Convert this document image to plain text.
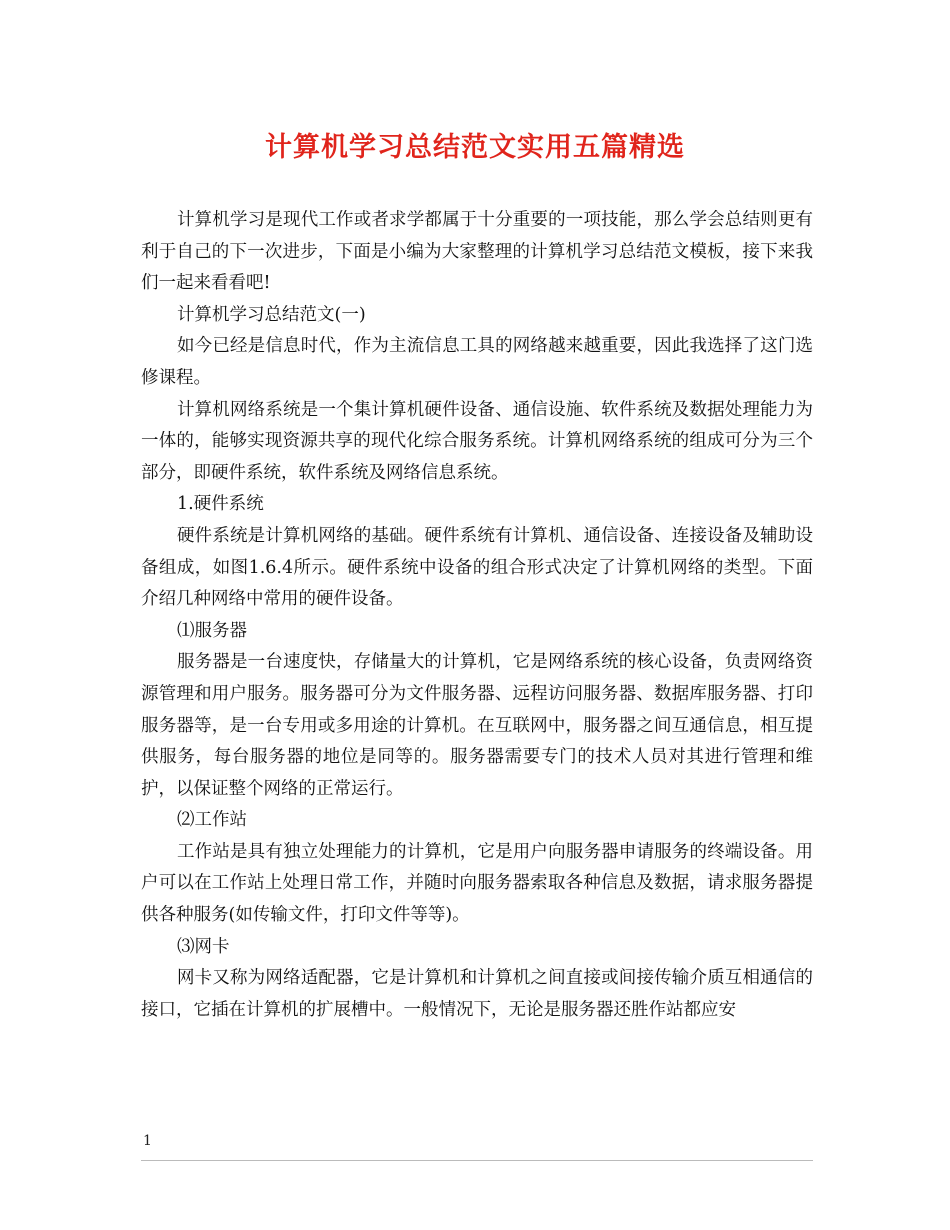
计算机学习总结范文实用五篇精选

计算机学习是现代工作或者求学都属于十分重要的一项技能，那么学会总结则更有利于自己的下一次进步，下面是小编为大家整理的计算机学习总结范文模板，接下来我们一起来看看吧!

计算机学习总结范文(一)

如今已经是信息时代，作为主流信息工具的网络越来越重要，因此我选择了这门选修课程。

计算机网络系统是一个集计算机硬件设备、通信设施、软件系统及数据处理能力为一体的，能够实现资源共享的现代化综合服务系统。计算机网络系统的组成可分为三个部分，即硬件系统，软件系统及网络信息系统。

1.硬件系统

硬件系统是计算机网络的基础。硬件系统有计算机、通信设备、连接设备及辅助设备组成，如图1.6.4所示。硬件系统中设备的组合形式决定了计算机网络的类型。下面介绍几种网络中常用的硬件设备。

⑴服务器

服务器是一台速度快，存储量大的计算机，它是网络系统的核心设备，负责网络资源管理和用户服务。服务器可分为文件服务器、远程访问服务器、数据库服务器、打印服务器等，是一台专用或多用途的计算机。在互联网中，服务器之间互通信息，相互提供服务，每台服务器的地位是同等的。服务器需要专门的技术人员对其进行管理和维护，以保证整个网络的正常运行。

⑵工作站

工作站是具有独立处理能力的计算机，它是用户向服务器申请服务的终端设备。用户可以在工作站上处理日常工作，并随时向服务器索取各种信息及数据，请求服务器提供各种服务(如传输文件，打印文件等等)。

⑶网卡

网卡又称为网络适配器，它是计算机和计算机之间直接或间接传输介质互相通信的接口，它插在计算机的扩展槽中。一般情况下，无论是服务器还胜作站都应安

1
